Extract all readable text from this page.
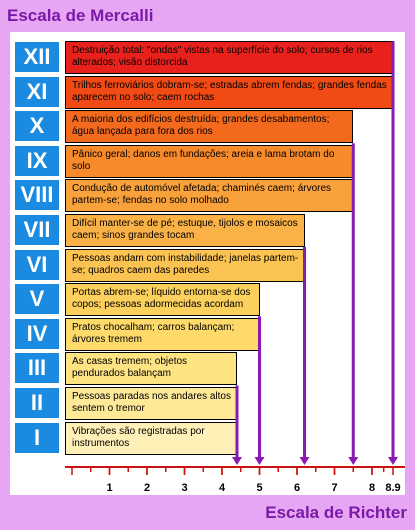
Escala de Mercalli
XII	Destruição total: "ondas" vistas na superfície do solo; cursos de rios alterados; visão distorcida
XI	Trilhos ferroviários dobram-se; estradas abrem fendas; grandes fendas aparecem no solo; caem rochas
X	A maioria dos edifícios destruída; grandes desabamentos; água lançada para fora dos rios
IX	Pânico geral; danos em fundações; areia e lama brotam do solo
VIII	Condução de automóvel afetada; chaminés caem; árvores partem-se; fendas no solo molhado
VII	Difícil manter-se de pé; estuque, tijolos e mosaicos caem; sinos grandes tocam
VI	Pessoas andam com instabilidade; janelas partem-se; quadros caem das paredes
V	Portas abrem-se; líquido entorna-se dos copos; pessoas adormecidas acordam
IV	Pratos chocalham; carros balançam; árvores tremem
III	As casas tremem; objetos pendurados balançam
II	Pessoas paradas nos andares altos sentem o tremor
I	Vibrações são registradas por instrumentos
1	2	3	4	5	6	7	8 8.9
Escala de Richter
